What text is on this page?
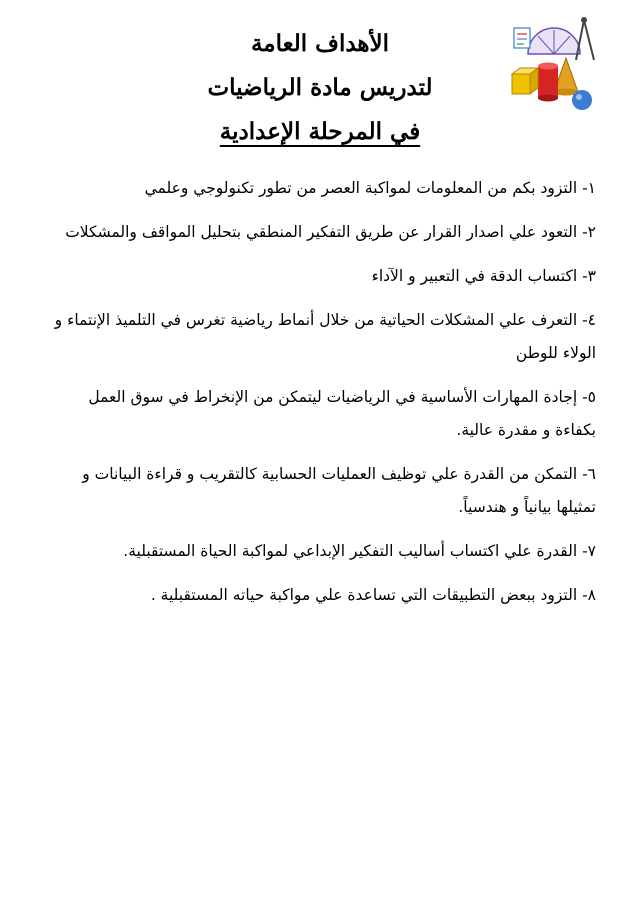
الأهداف العامة
لتدريس مادة الرياضيات
في المرحلة الإعدادية
١- التزود بكم من المعلومات لمواكبة العصر من تطور تكنولوجي وعلمي
٢- التعود علي اصدار القرار عن طريق التفكير المنطقي بتحليل المواقف والمشكلات
٣- اكتساب الدقة في التعبير و الآداء
٤- التعرف علي المشكلات الحياتية من خلال أنماط رياضية تغرس في التلميذ الإنتماء و الولاء للوطن
٥- إجادة المهارات الأساسية في الرياضيات ليتمكن من الإنخراط في سوق العمل بكفاءة و مقدرة عالية.
٦- التمكن من القدرة علي توظيف العمليات الحسابية كالتقريب و قراءة البيانات و تمثيلها بيانياً و هندسياً.
٧- القدرة علي اكتساب أساليب التفكير الإبداعي لمواكبة الحياة المستقبلية.
٨- التزود ببعض التطبيقات التي تساعدة علي مواكبة حياته المستقبلية .
